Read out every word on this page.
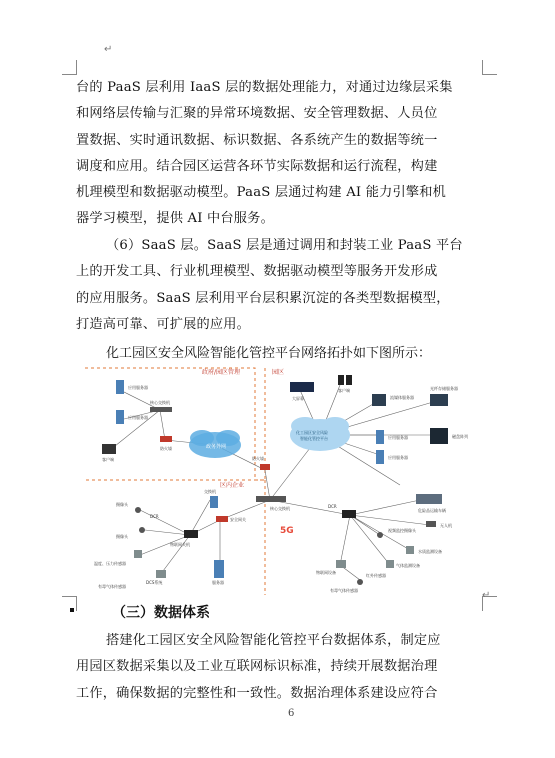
↵
台的 PaaS 层利用 IaaS 层的数据处理能力，对通过边缘层采集
和网络层传输与汇聚的异常环境数据、安全管理数据、人员位
置数据、实时通讯数据、标识数据、各系统产生的数据等统一
调度和应用。结合园区运营各环节实际数据和运行流程，构建
机理模型和数据驱动模型。PaaS 层通过构建 AI 能力引擎和机
器学习模型，提供 AI 中台服务。
（6）SaaS 层。SaaS 层是通过调用和封装工业 PaaS 平台
上的开发工具、行业机理模型、数据驱动模型等服务开发形成
的应用服务。SaaS 层利用平台层积累沉淀的各类型数据模型，
打造高可靠、可扩展的应用。
化工园区安全风险智能化管控平台网络拓扑如下图所示：
政府/园区管理	园区
区内企业
政务外网
化工园区安全风险
智能化管控平台
应用服务器
应用服务器
核心交换机
防火墙
客户端
大屏幕
客户端
流媒体服务器
光纤存储服务器
应用服务器
应用服务器
磁盘阵列
防火墙
核心交换机
5G
交换机
安全网关
物联网关机
DCR
摄像头
摄像头
温度、压力传感器
DCS系统
有毒气体传感器
服务器
DCR
危险品运输车辆
视频监控摄像头
无人机
水质监测设备
气体监测设备
物联网设备
红外传感器
有毒气体传感器	↵
（三）数据体系
搭建化工园区安全风险智能化管控平台数据体系，制定应
用园区数据采集以及工业互联网标识标准，持续开展数据治理
工作，确保数据的完整性和一致性。数据治理体系建设应符合
6
